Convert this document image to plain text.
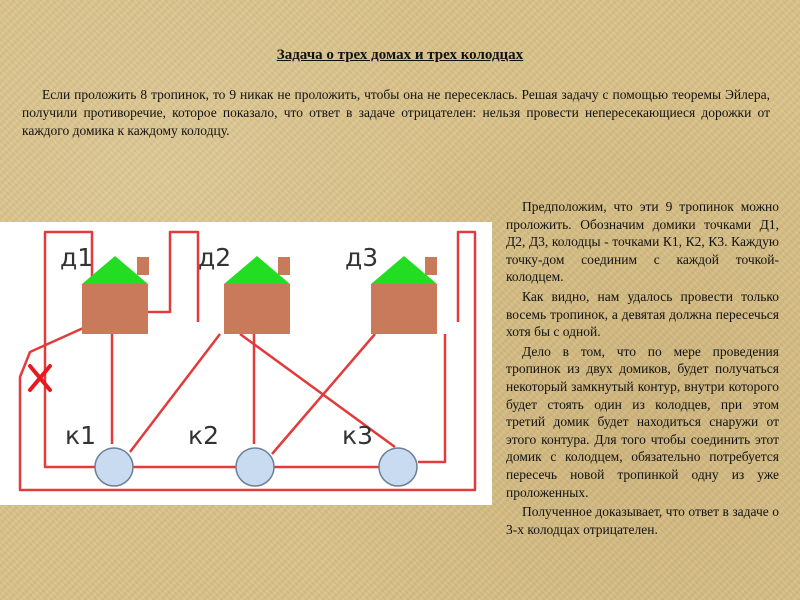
Задача о трех домах и трех колодцах
Если проложить 8 тропинок, то 9 никак не проложить, чтобы она не пересеклась. Решая задачу с помощью теоремы Эйлера, получили противоречие, которое показало, что ответ в задаче отрицателен: нельзя провести непересекающиеся дорожки от каждого домика к каждому колодцу.
д1	д2	д3
к1	к2	к3

Предположим, что эти 9 тропинок можно проложить. Обозначим домики точками Д1, Д2, Д3, колодцы - точками К1, К2, К3. Каждую точку-дом соединим с каждой точкой-колодцем.

Как видно, нам удалось провести только восемь тропинок, а девятая должна пересечься хотя бы с одной.

Дело в том, что по мере проведения тропинок из двух домиков, будет получаться некоторый замкнутый контур, внутри которого будет стоять один из колодцев, при этом третий домик будет находиться снаружи от этого контура. Для того чтобы соединить этот домик с колодцем, обязательно потребуется пересечь новой тропинкой одну из уже проложенных.

Полученное доказывает, что ответ в задаче о 3-х колодцах отрицателен.
